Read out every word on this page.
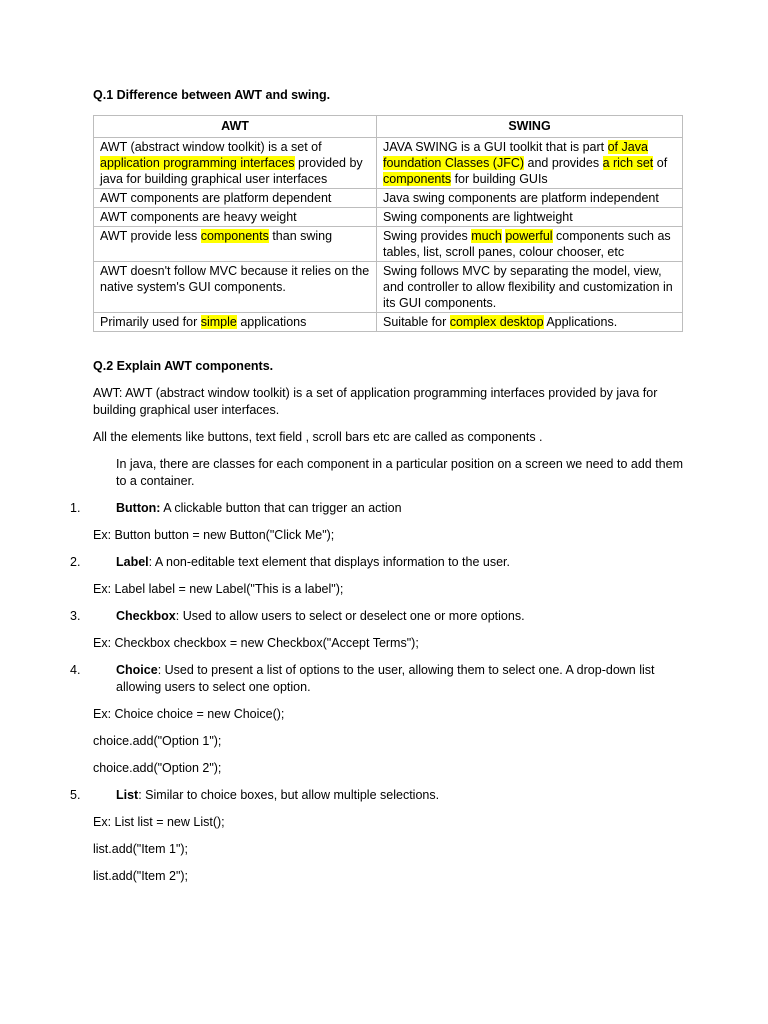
Q.1 Difference between AWT and swing.
AWT	SWING
AWT (abstract window toolkit) is a set of application programming interfaces provided by java for building graphical user interfaces	JAVA SWING is a GUI toolkit that is part of Java foundation Classes (JFC) and provides a rich set of components for building GUIs
AWT components are platform dependent	Java swing components are platform independent
AWT components are heavy weight	Swing components are lightweight
AWT provide less components than swing	Swing provides much powerful components such as tables, list, scroll panes, colour chooser, etc
AWT doesn't follow MVC because it relies on the native system's GUI components.	Swing follows MVC by separating the model, view, and controller to allow flexibility and customization in its GUI components.
Primarily used for simple applications	Suitable for complex desktop Applications.

Q.2 Explain AWT components.

AWT: AWT (abstract window toolkit) is a set of application programming interfaces provided by java for building graphical user interfaces.

All the elements like buttons, text field , scroll bars etc are called as components .

In java, there are classes for each component in a particular position on a screen we need to add them to a container.

1.	Button: A clickable button that can trigger an action

Ex: Button button = new Button("Click Me");

2.	Label: A non-editable text element that displays information to the user.

Ex: Label label = new Label("This is a label");

3.	Checkbox: Used to allow users to select or deselect one or more options.

Ex: Checkbox checkbox = new Checkbox("Accept Terms");

4.	Choice: Used to present a list of options to the user, allowing them to select one. A drop-down list allowing users to select one option.

Ex: Choice choice = new Choice();

choice.add("Option 1");

choice.add("Option 2");

5.	List: Similar to choice boxes, but allow multiple selections.

Ex: List list = new List();

list.add("Item 1");

list.add("Item 2");
